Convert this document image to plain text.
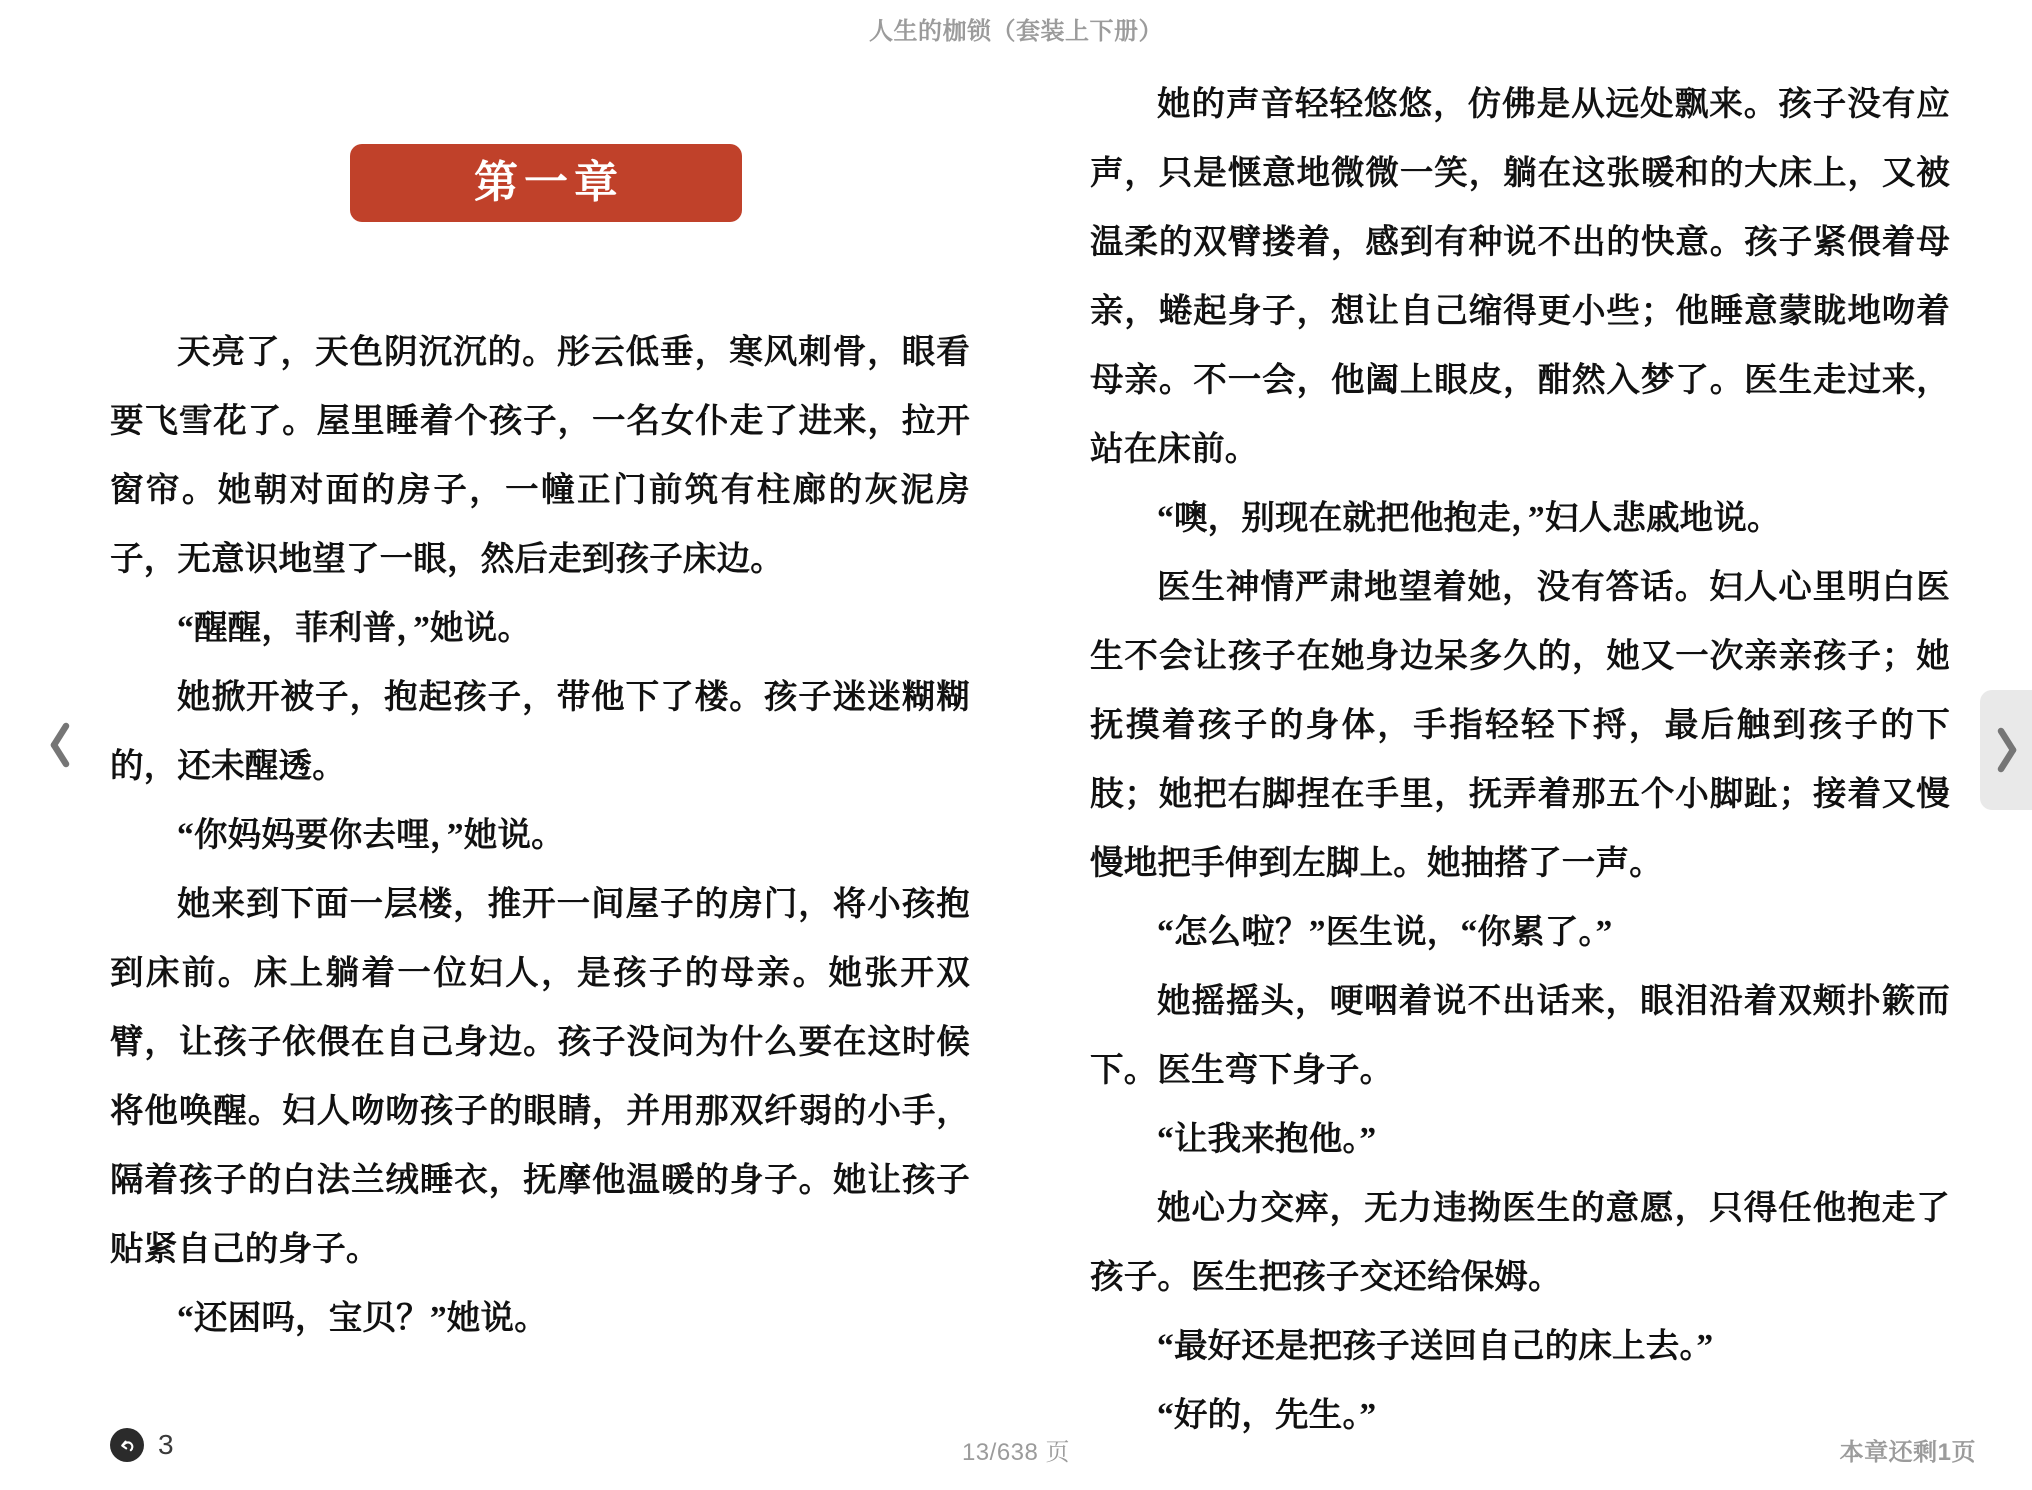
人生的枷锁（套装上下册）
第一章

天亮了，天色阴沉沉的。彤云低垂，寒风刺骨，眼看要飞雪花了。屋里睡着个孩子，一名女仆走了进来，拉开窗帘。她朝对面的房子，一幢正门前筑有柱廊的灰泥房子，无意识地望了一眼，然后走到孩子床边。

“醒醒，菲利普，”她说。

她掀开被子，抱起孩子，带他下了楼。孩子迷迷糊糊的，还未醒透。

“你妈妈要你去哩，”她说。

她来到下面一层楼，推开一间屋子的房门，将小孩抱到床前。床上躺着一位妇人，是孩子的母亲。她张开双臂，让孩子依偎在自己身边。孩子没问为什么要在这时候将他唤醒。妇人吻吻孩子的眼睛，并用那双纤弱的小手，隔着孩子的白法兰绒睡衣，抚摩他温暖的身子。她让孩子贴紧自己的身子。

“还困吗，宝贝？”她说。

她的声音轻轻悠悠，仿佛是从远处飘来。孩子没有应声，只是惬意地微微一笑，躺在这张暖和的大床上，又被温柔的双臂搂着，感到有种说不出的快意。孩子紧偎着母亲，蜷起身子，想让自己缩得更小些；他睡意蒙眬地吻着母亲。不一会，他阖上眼皮，酣然入梦了。医生走过来，站在床前。

“噢，别现在就把他抱走，”妇人悲戚地说。

医生神情严肃地望着她，没有答话。妇人心里明白医生不会让孩子在她身边呆多久的，她又一次亲亲孩子；她抚摸着孩子的身体，手指轻轻下捋，最后触到孩子的下肢；她把右脚捏在手里，抚弄着那五个小脚趾；接着又慢慢地把手伸到左脚上。她抽搭了一声。

“怎么啦？”医生说，“你累了。”

她摇摇头，哽咽着说不出话来，眼泪沿着双颊扑簌而下。医生弯下身子。

“让我来抱他。”

她心力交瘁，无力违拗医生的意愿，只得任他抱走了孩子。医生把孩子交还给保姆。

“最好还是把孩子送回自己的床上去。”

“好的，先生。”

3	13/638 页	本章还剩1页
